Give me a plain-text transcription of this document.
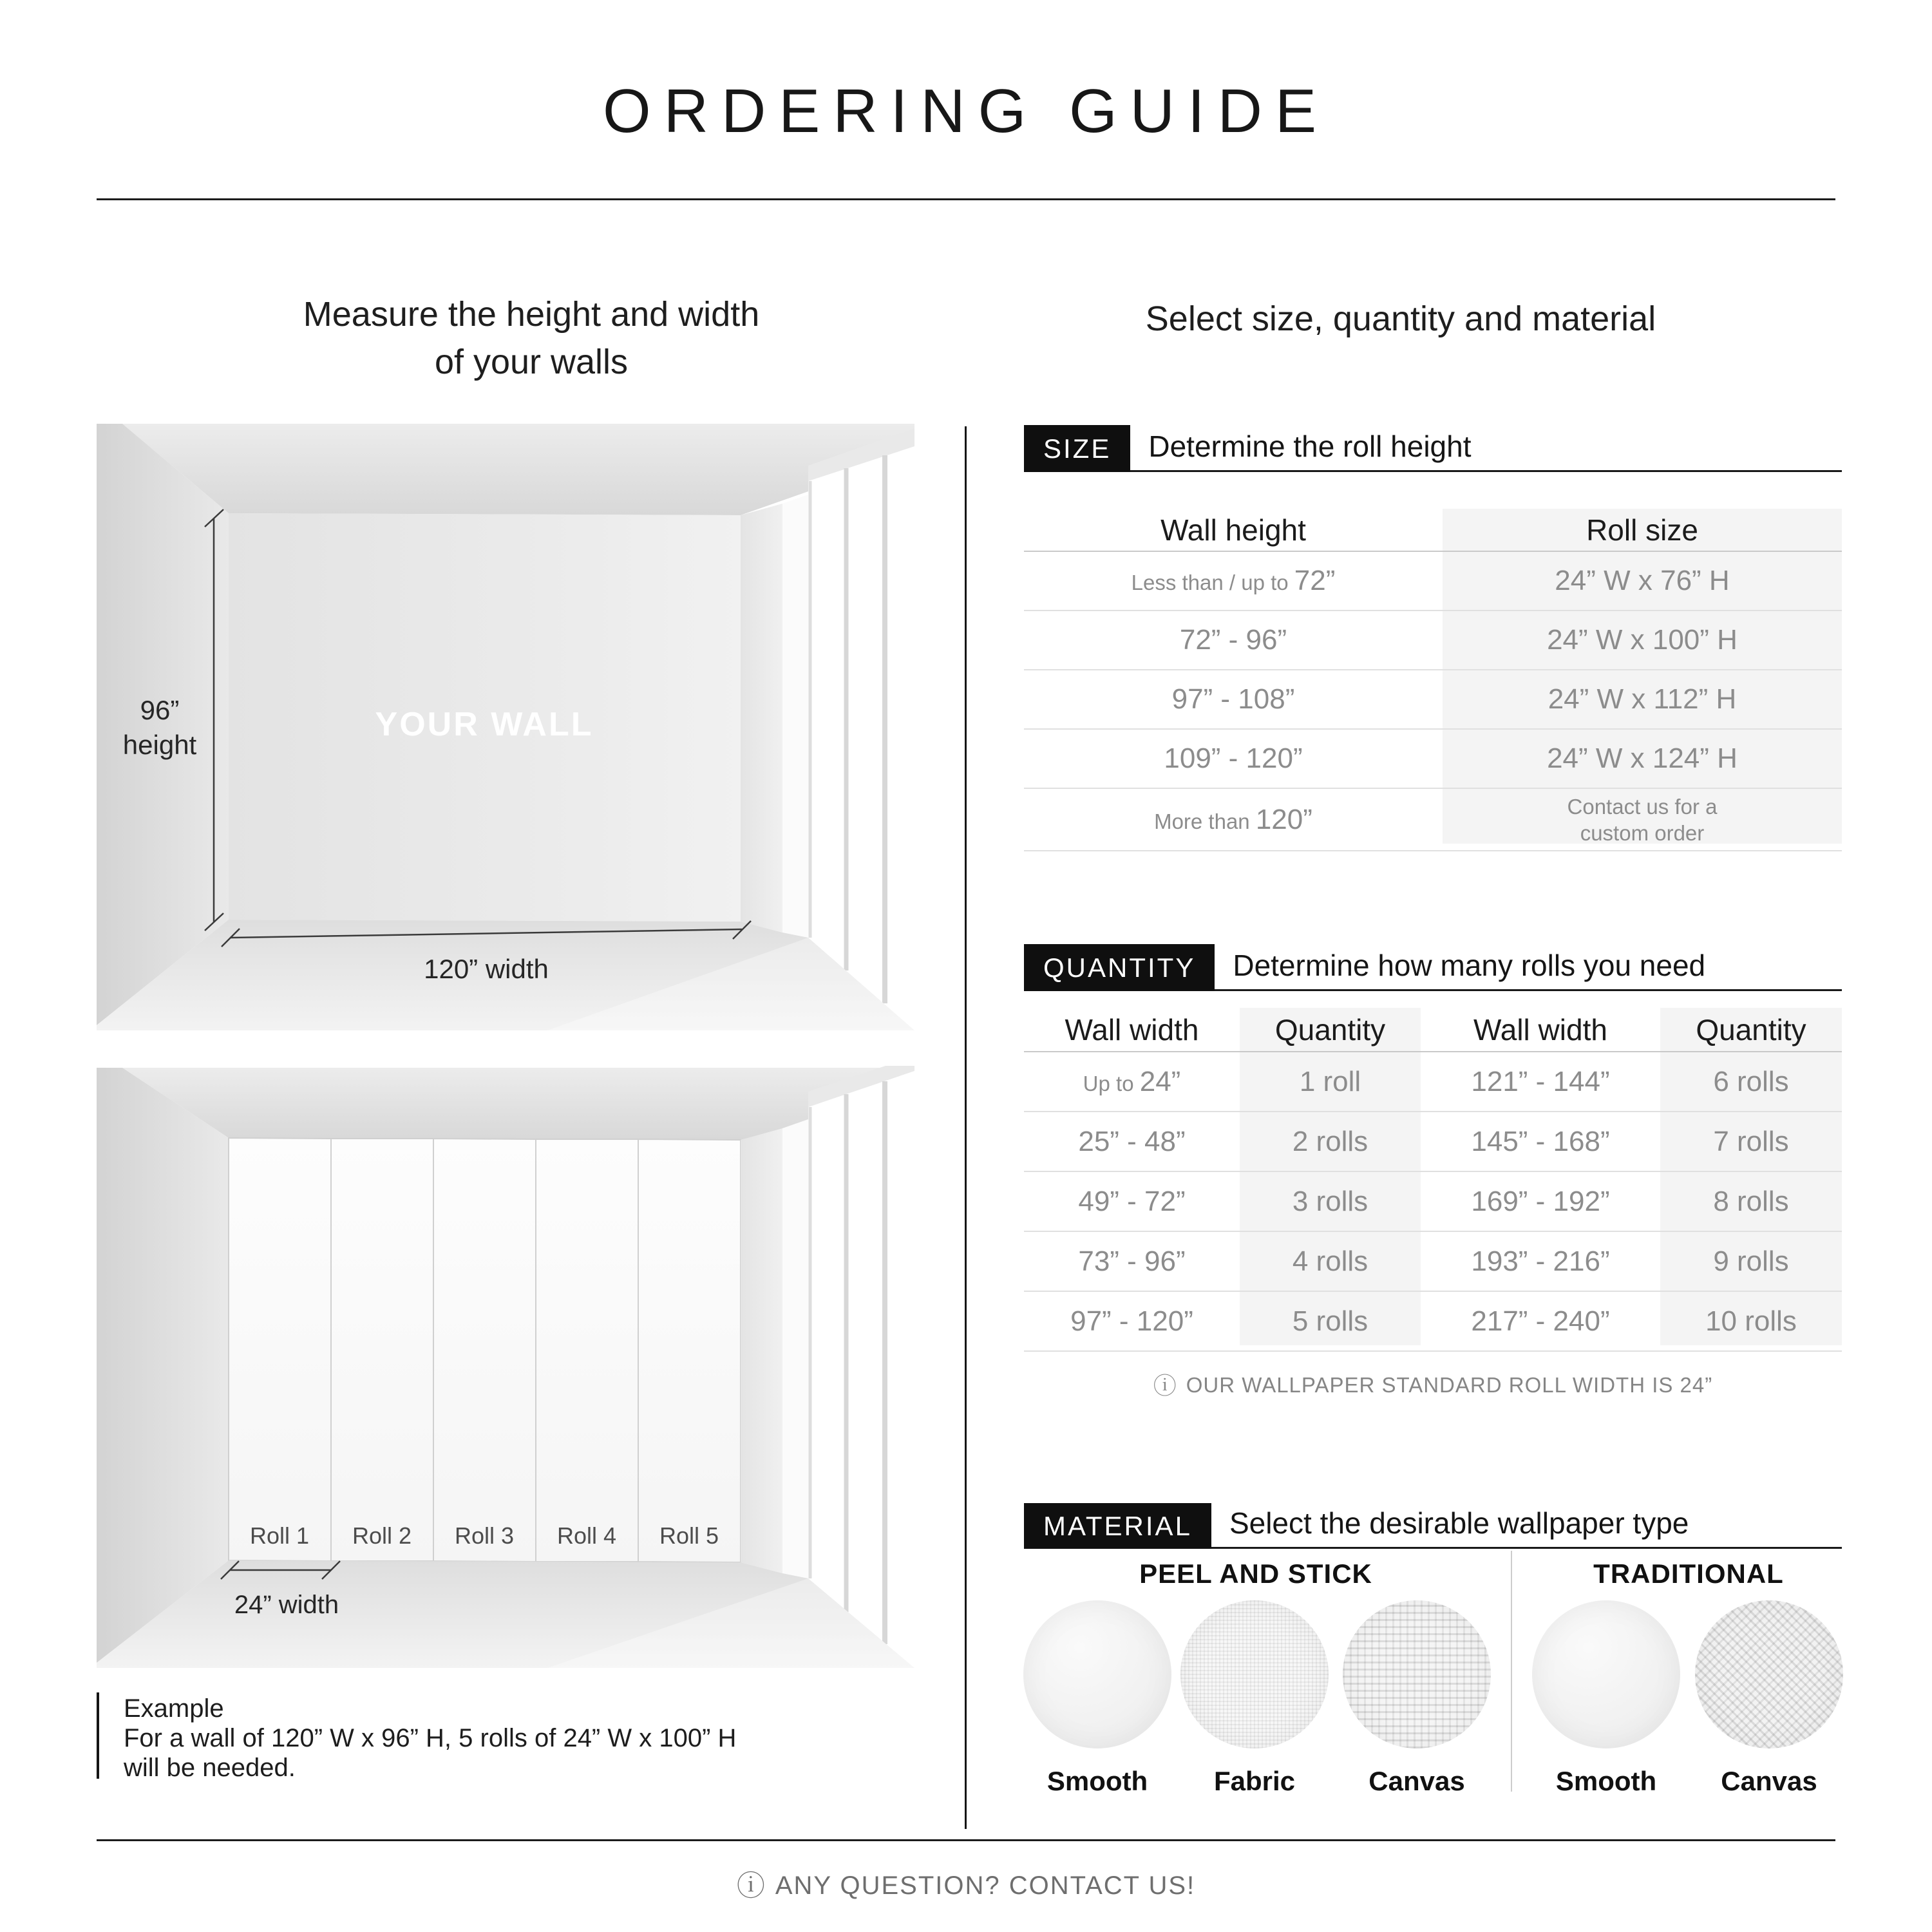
ORDERING GUIDE
Measure the height and width
of your walls
Select size, quantity and material
YOUR WALL
96”
height
120” width
Roll 1 Roll 2 Roll 3 Roll 4 Roll 5
24” width
Example
For a wall of 120” W x 96” H, 5 rolls of 24” W x 100” H
will be needed.
SIZE	Determine the roll height
Wall height	Roll size
Less than / up to 72”	24” W x 76” H
72” - 96”	24” W x 100” H
97” - 108”	24” W x 112” H
109” - 120”	24” W x 124” H
More than 120”	Contact us for a
custom order
QUANTITY	Determine how many rolls you need
Wall width	Quantity	Wall width	Quantity
Up to 24”	1 roll	121” - 144”	6 rolls
25” - 48”	2 rolls	145” - 168”	7 rolls
49” - 72”	3 rolls	169” - 192”	8 rolls
73” - 96”	4 rolls	193” - 216”	9 rolls
97” - 120”	5 rolls	217” - 240”	10 rolls
ⓘ OUR WALLPAPER STANDARD ROLL WIDTH IS 24”
MATERIAL	Select the desirable wallpaper type
PEEL AND STICK	TRADITIONAL
Smooth Fabric	Canvas	Smooth Canvas
ⓘ ANY QUESTION? CONTACT US!
